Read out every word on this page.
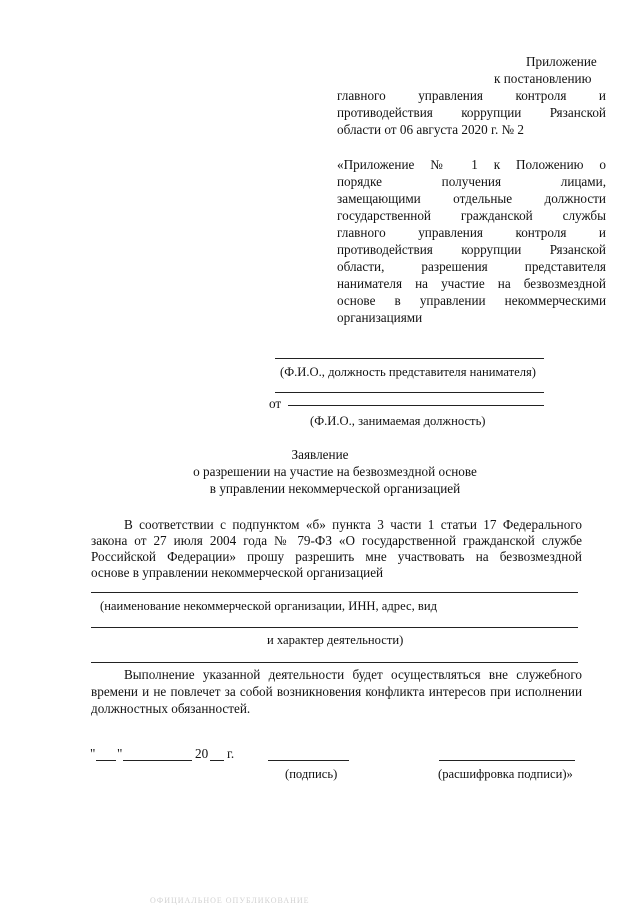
Приложение
к постановлению
главного управления контроля и
противодействия коррупции Рязанской
области от 06 августа 2020 г. № 2
«Приложение № 1 к Положению о
порядке получения лицами,
замещающими отдельные должности
государственной гражданской службы
главного управления контроля и
противодействия коррупции Рязанской
области, разрешения представителя
нанимателя на участие на безвозмездной
основе в управлении некоммерческими
организациями
(Ф.И.О., должность представителя нанимателя)
от
(Ф.И.О., занимаемая должность)
Заявление
о разрешении на участие на безвозмездной основе
в управлении некоммерческой организацией
В соответствии с подпунктом «б» пункта 3 части 1 статьи 17 Федерального
закона от 27 июля 2004 года № 79-ФЗ «О государственной гражданской службе
Российской Федерации» прошу разрешить мне участвовать на безвозмездной
основе в управлении некоммерческой организацией
(наименование некоммерческой организации, ИНН, адрес, вид
и характер деятельности)
Выполнение указанной деятельности будет осуществляться вне служебного
времени и не повлечет за собой возникновения конфликта интересов при исполнении
должностных обязанностей.
" "	20 г.
(подпись)	(расшифровка подписи)»
ОФИЦИАЛЬНОЕ ОПУБЛИКОВАНИЕ
